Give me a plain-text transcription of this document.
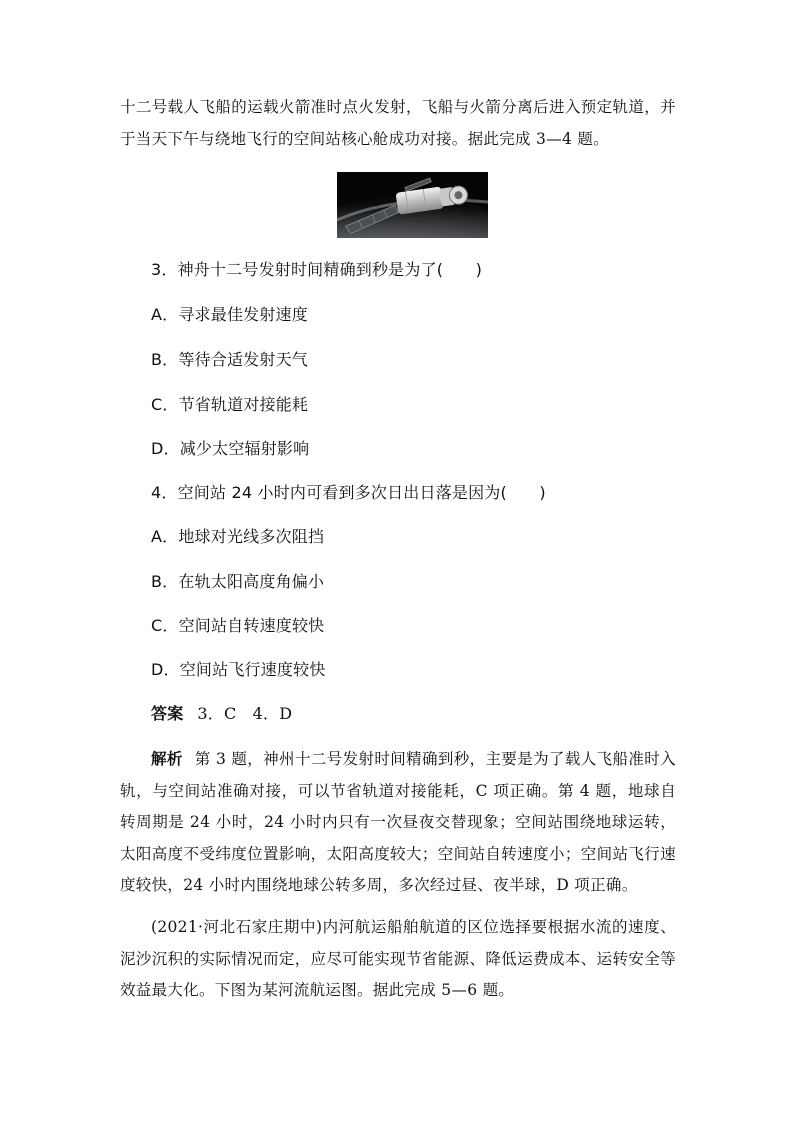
十二号载人飞船的运载火箭准时点火发射，飞船与火箭分离后进入预定轨道，并于当天下午与绕地飞行的空间站核心舱成功对接。据此完成 3—4 题。

3．神舟十二号发射时间精确到秒是为了(　　)
A．寻求最佳发射速度
B．等待合适发射天气
C．节省轨道对接能耗
D．减少太空辐射影响
4．空间站 24 小时内可看到多次日出日落是因为(　　)
A．地球对光线多次阻挡
B．在轨太阳高度角偏小
C．空间站自转速度较快
D．空间站飞行速度较快
答案 3．C　4．D

解析 第 3 题，神州十二号发射时间精确到秒，主要是为了载人飞船准时入轨，与空间站准确对接，可以节省轨道对接能耗，C 项正确。第 4 题，地球自转周期是 24 小时，24 小时内只有一次昼夜交替现象；空间站围绕地球运转，太阳高度不受纬度位置影响，太阳高度较大；空间站自转速度小；空间站飞行速度较快，24 小时内围绕地球公转多周，多次经过昼、夜半球，D 项正确。

(2021·河北石家庄期中)内河航运船舶航道的区位选择要根据水流的速度、泥沙沉积的实际情况而定，应尽可能实现节省能源、降低运费成本、运转安全等效益最大化。下图为某河流航运图。据此完成 5—6 题。
